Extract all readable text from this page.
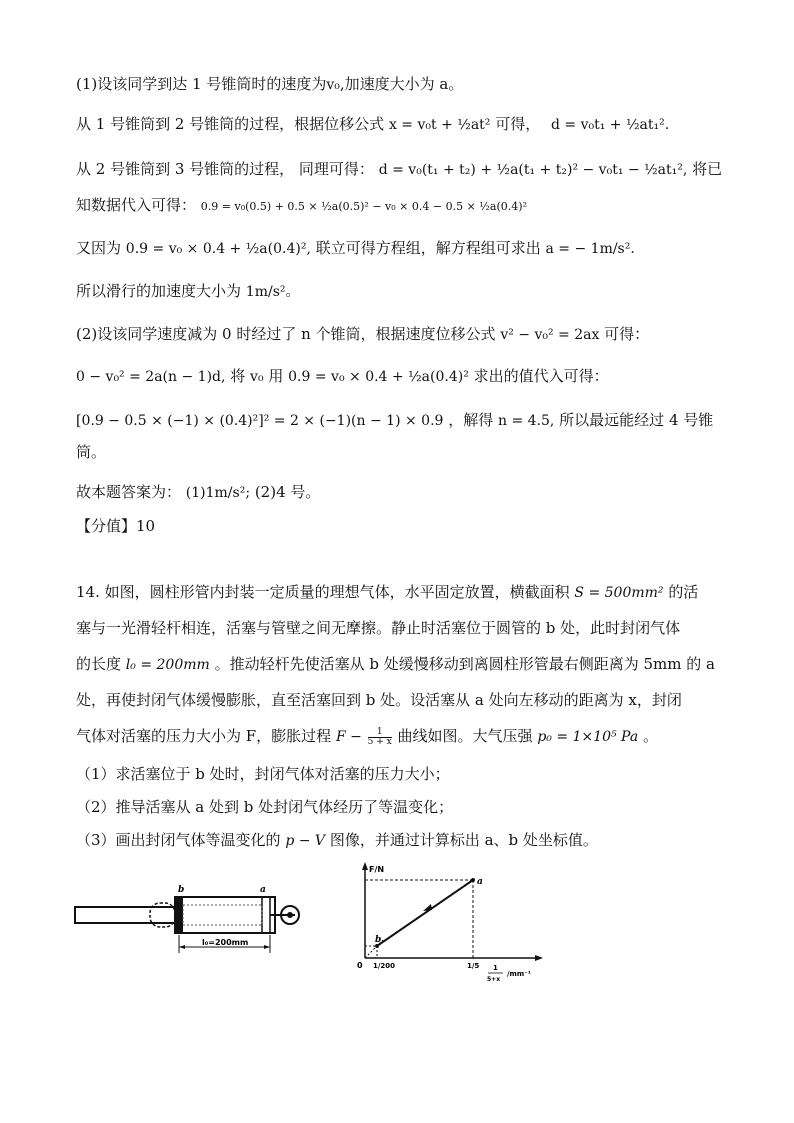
(1)设该同学到达 1 号锥筒时的速度为v₀,加速度大小为 a。
从 1 号锥筒到 2 号锥筒的过程，根据位移公式 x = v₀t + ½at² 可得， d = v₀t₁ + ½at₁².
从 2 号锥筒到 3 号锥筒的过程， 同理可得： d = v₀(t₁ + t₂) + ½a(t₁ + t₂)² − v₀t₁ − ½at₁², 将已
知数据代入可得： 0.9 = v₀(0.5) + 0.5 × ½a(0.5)² − v₀ × 0.4 − 0.5 × ½a(0.4)²
又因为 0.9 = v₀ × 0.4 + ½a(0.4)², 联立可得方程组，解方程组可求出 a = − 1m/s².
所以滑行的加速度大小为 1m/s²。
(2)设该同学速度减为 0 时经过了 n 个锥筒，根据速度位移公式 v² − v₀² = 2ax 可得：
0 − v₀² = 2a(n − 1)d, 将 v₀ 用 0.9 = v₀ × 0.4 + ½a(0.4)² 求出的值代入可得：
[0.9 − 0.5 × (−1) × (0.4)²]² = 2 × (−1)(n − 1) × 0.9 ，解得 n = 4.5, 所以最远能经过 4 号锥
筒。
故本题答案为： (1)1m/s²; (2)4 号。
【分值】10
14. 如图，圆柱形管内封装一定质量的理想气体，水平固定放置，横截面积 S = 500mm² 的活
塞与一光滑轻杆相连，活塞与管壁之间无摩擦。静止时活塞位于圆管的 b 处，此时封闭气体
的长度 l₀ = 200mm 。推动轻杆先使活塞从 b 处缓慢移动到离圆柱形管最右侧距离为 5mm 的 a
处，再使封闭气体缓慢膨胀，直至活塞回到 b 处。设活塞从 a 处向左移动的距离为 x，封闭
气体对活塞的压力大小为 F，膨胀过程 $F - \frac{1}{5 + x}$ 曲线如图。大气压强 p₀ = 1×10⁵ Pa 。
（1）求活塞位于 b 处时，封闭气体对活塞的压力大小；
（2）推导活塞从 a 处到 b 处封闭气体经历了等温变化；
（3）画出封闭气体等温变化的 p − V 图像，并通过计算标出 a、b 处坐标值。
b	a
l₀=200mm
F/N
a
b
0 1/200	1/5 1
5+x
/mm⁻¹
